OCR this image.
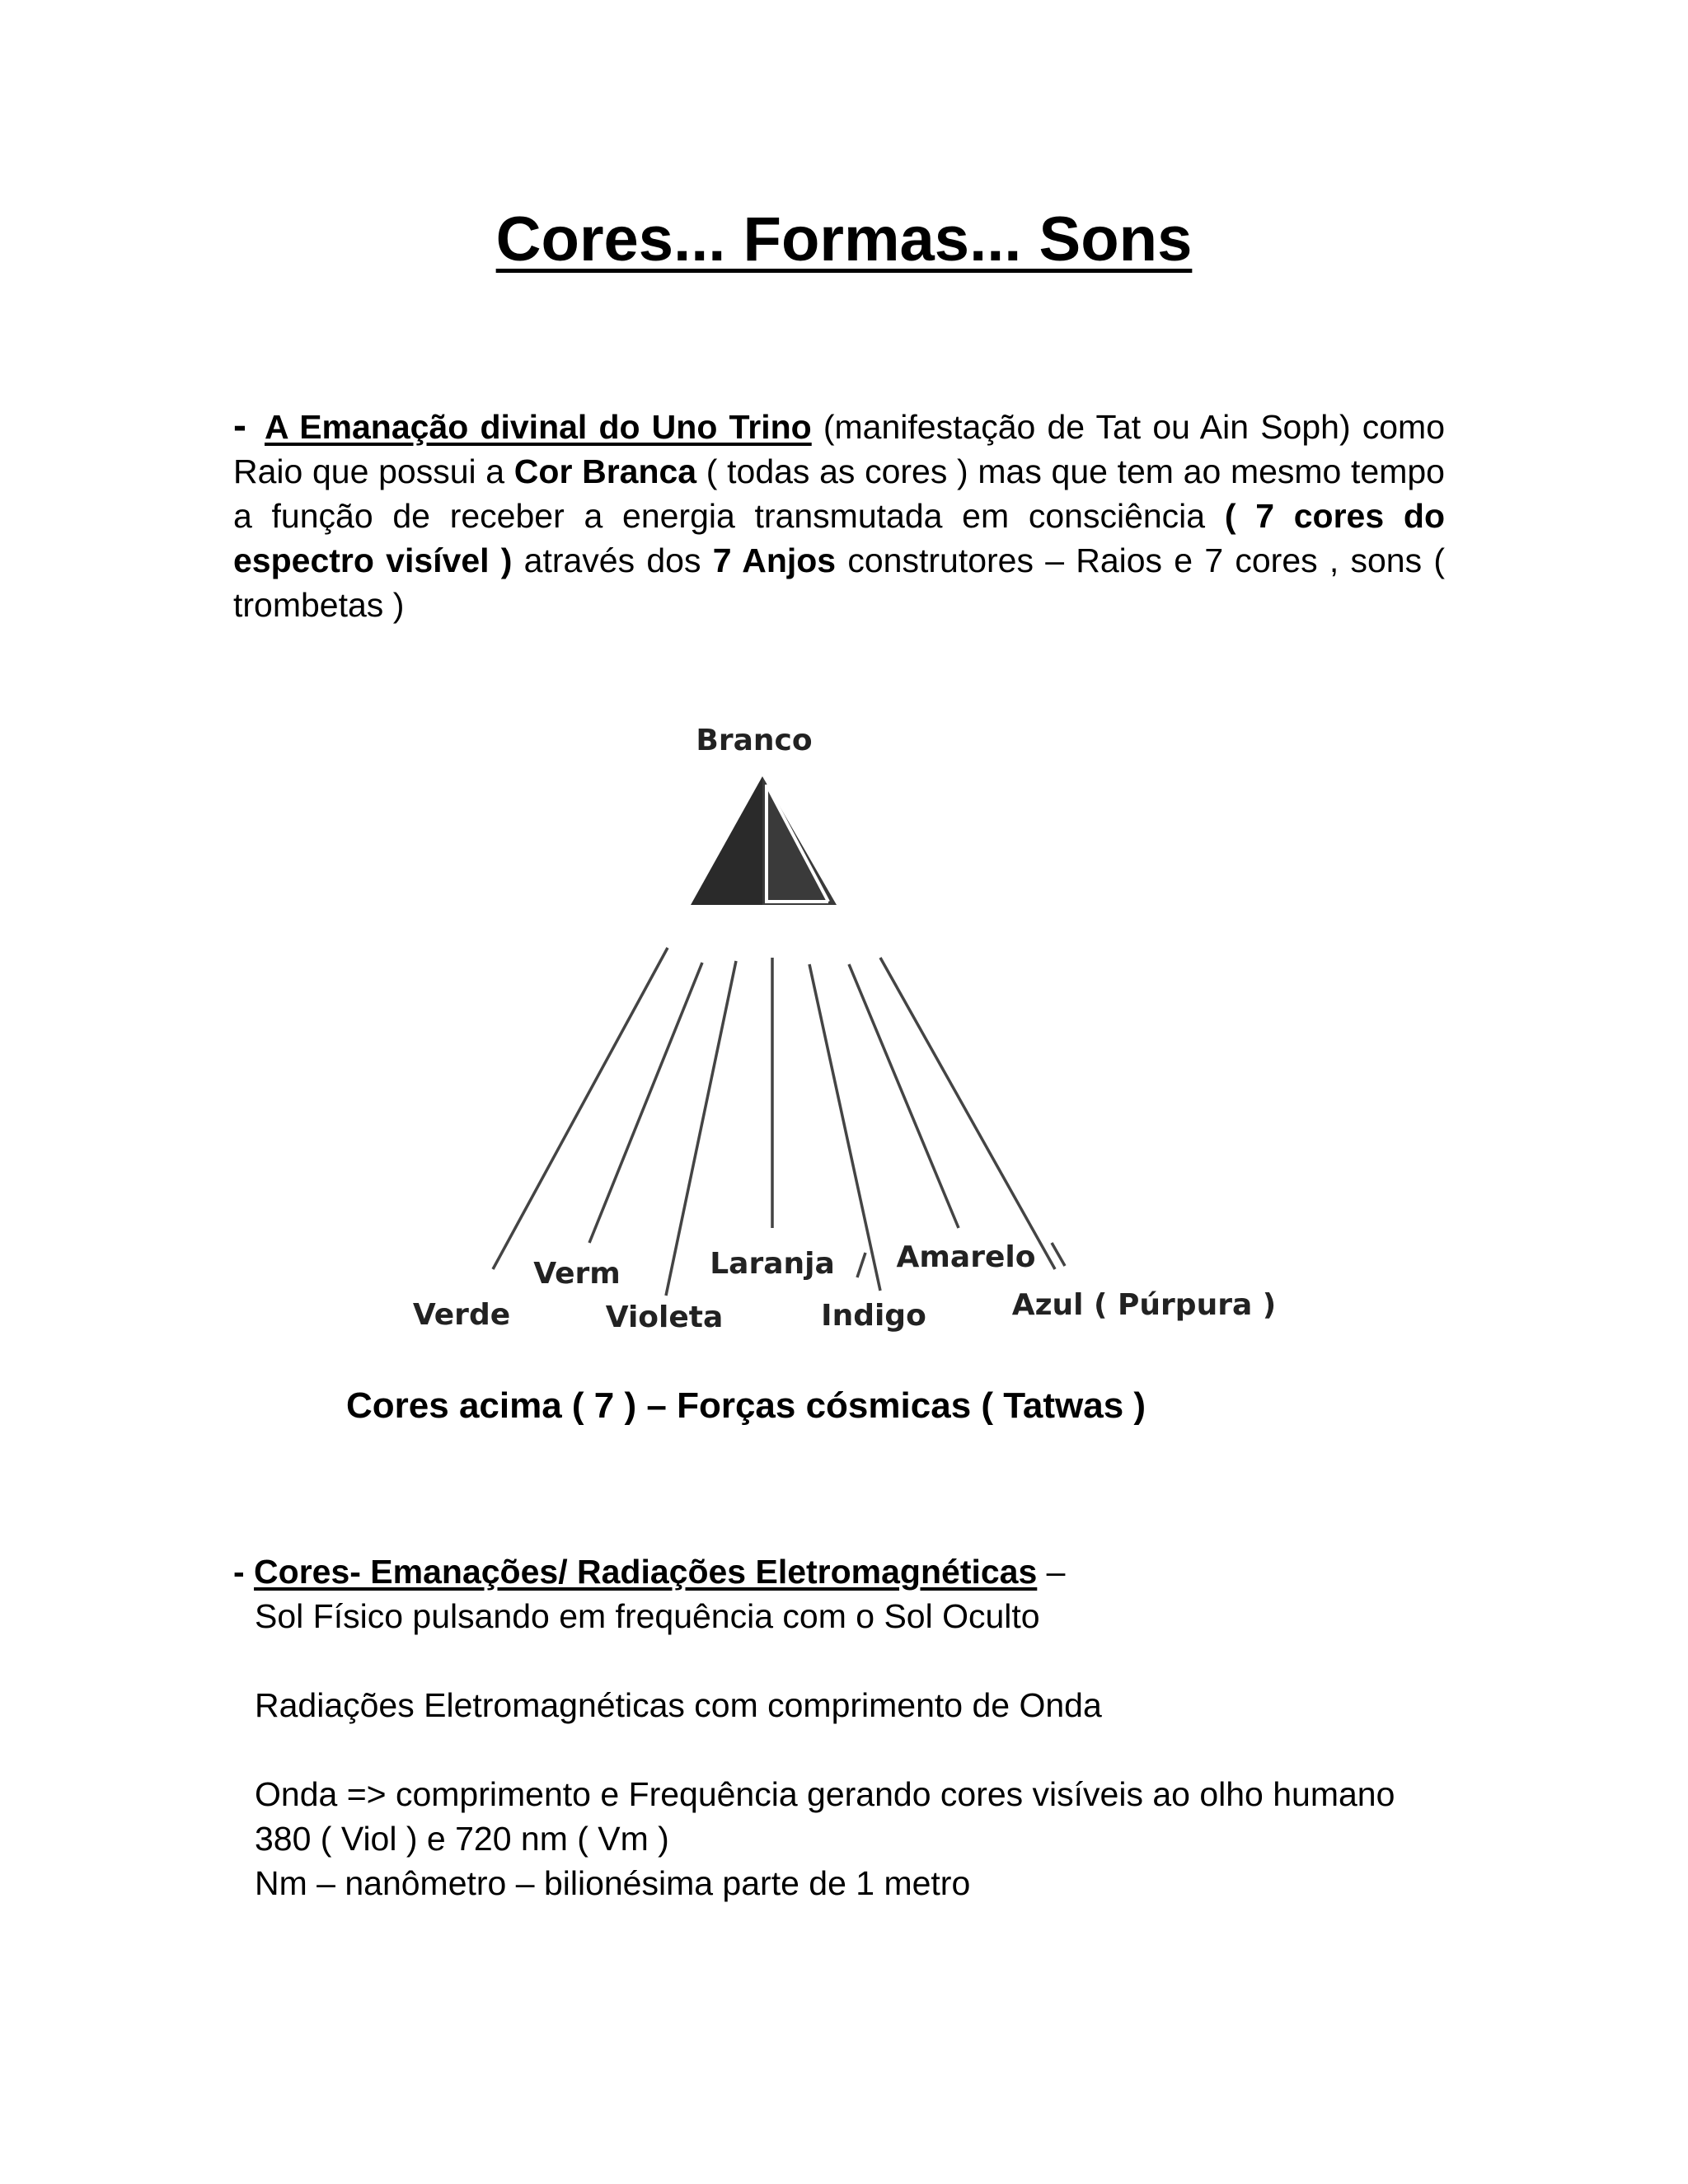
Cores... Formas... Sons
- A Emanação divinal do Uno Trino (manifestação de Tat ou Ain Soph) como Raio que possui a Cor Branca ( todas as cores ) mas que tem ao mesmo tempo a função de receber a energia transmutada em consciência ( 7 cores do espectro visível ) através dos 7 Anjos construtores – Raios e 7 cores , sons ( trombetas )
Branco
Verde
Verm
Violeta
Laranja
Indigo
Amarelo
Azul ( Púrpura )
Cores acima ( 7 ) – Forças cósmicas ( Tatwas )
- Cores- Emanações/ Radiações Eletromagnéticas –
Sol Físico pulsando em frequência com o Sol Oculto
Radiações Eletromagnéticas com comprimento de Onda
Onda => comprimento e Frequência gerando cores visíveis ao olho humano
380 ( Viol ) e 720 nm ( Vm )
Nm – nanômetro – bilionésima parte de 1 metro
